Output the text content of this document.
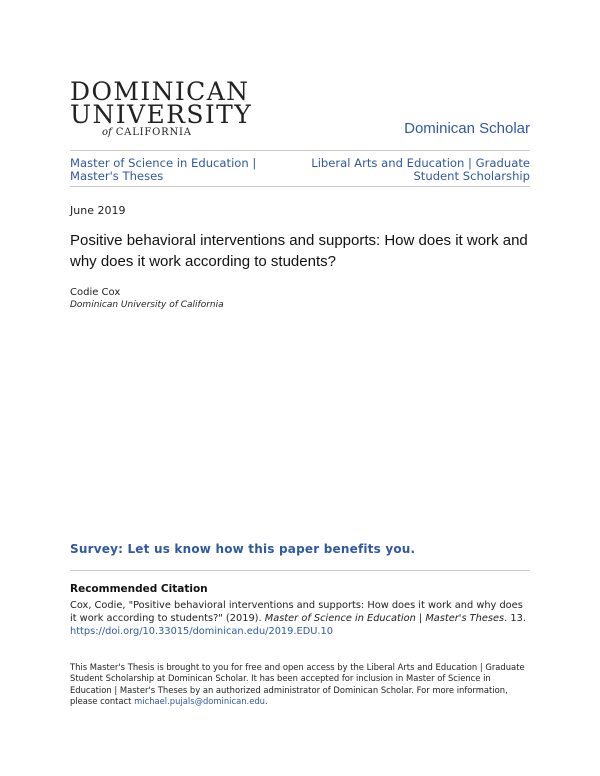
DOMINICAN
UNIVERSITY
of CALIFORNIA	Dominican Scholar
Master of Science in Education | Master's Theses
Liberal Arts and Education | Graduate Student Scholarship
June 2019
Positive behavioral interventions and supports: How does it work and why does it work according to students?
Codie Cox
Dominican University of California
Survey: Let us know how this paper benefits you.
Recommended Citation
Cox, Codie, "Positive behavioral interventions and supports: How does it work and why does it work according to students?" (2019). Master of Science in Education | Master's Theses. 13.
https://doi.org/10.33015/dominican.edu/2019.EDU.10
This Master's Thesis is brought to you for free and open access by the Liberal Arts and Education | Graduate Student Scholarship at Dominican Scholar. It has been accepted for inclusion in Master of Science in Education | Master's Theses by an authorized administrator of Dominican Scholar. For more information, please contact michael.pujals@dominican.edu.
